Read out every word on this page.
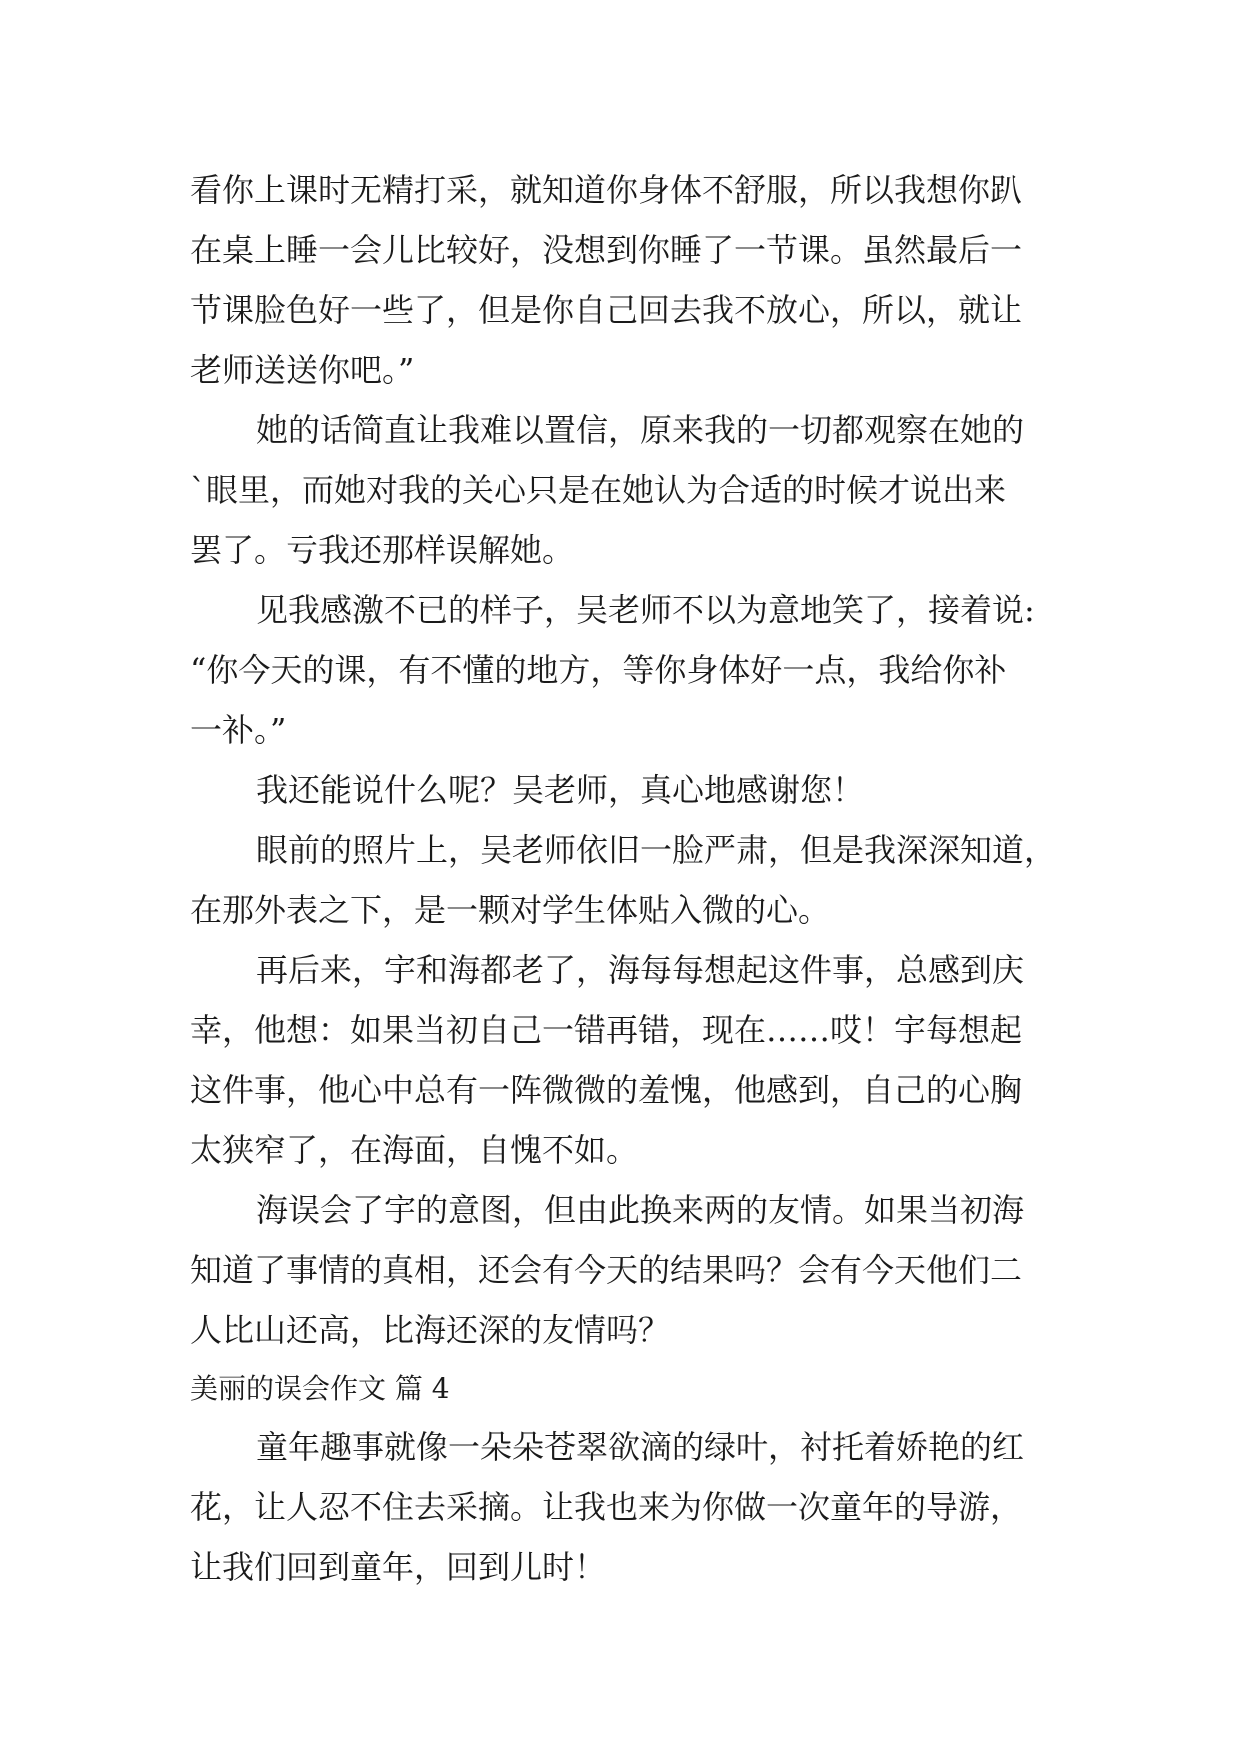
看你上课时无精打采，就知道你身体不舒服，所以我想你趴
在桌上睡一会儿比较好，没想到你睡了一节课。虽然最后一
节课脸色好一些了，但是你自己回去我不放心，所以，就让
老师送送你吧。”
她的话简直让我难以置信，原来我的一切都观察在她的
`眼里，而她对我的关心只是在她认为合适的时候才说出来
罢了。亏我还那样误解她。
见我感激不已的样子，吴老师不以为意地笑了，接着说:
“你今天的课，有不懂的地方，等你身体好一点，我给你补
一补。”
我还能说什么呢？吴老师，真心地感谢您！
眼前的照片上，吴老师依旧一脸严肃，但是我深深知道，
在那外表之下，是一颗对学生体贴入微的心。
再后来，宇和海都老了，海每每想起这件事，总感到庆
幸，他想：如果当初自己一错再错，现在……哎！宇每想起
这件事，他心中总有一阵微微的羞愧，他感到，自己的心胸
太狭窄了，在海面，自愧不如。
海误会了宇的意图，但由此换来两的友情。如果当初海
知道了事情的真相，还会有今天的结果吗？会有今天他们二
人比山还高，比海还深的友情吗？
美丽的误会作文 篇 4
童年趣事就像一朵朵苍翠欲滴的绿叶，衬托着娇艳的红
花，让人忍不住去采摘。让我也来为你做一次童年的导游，
让我们回到童年，回到儿时！
